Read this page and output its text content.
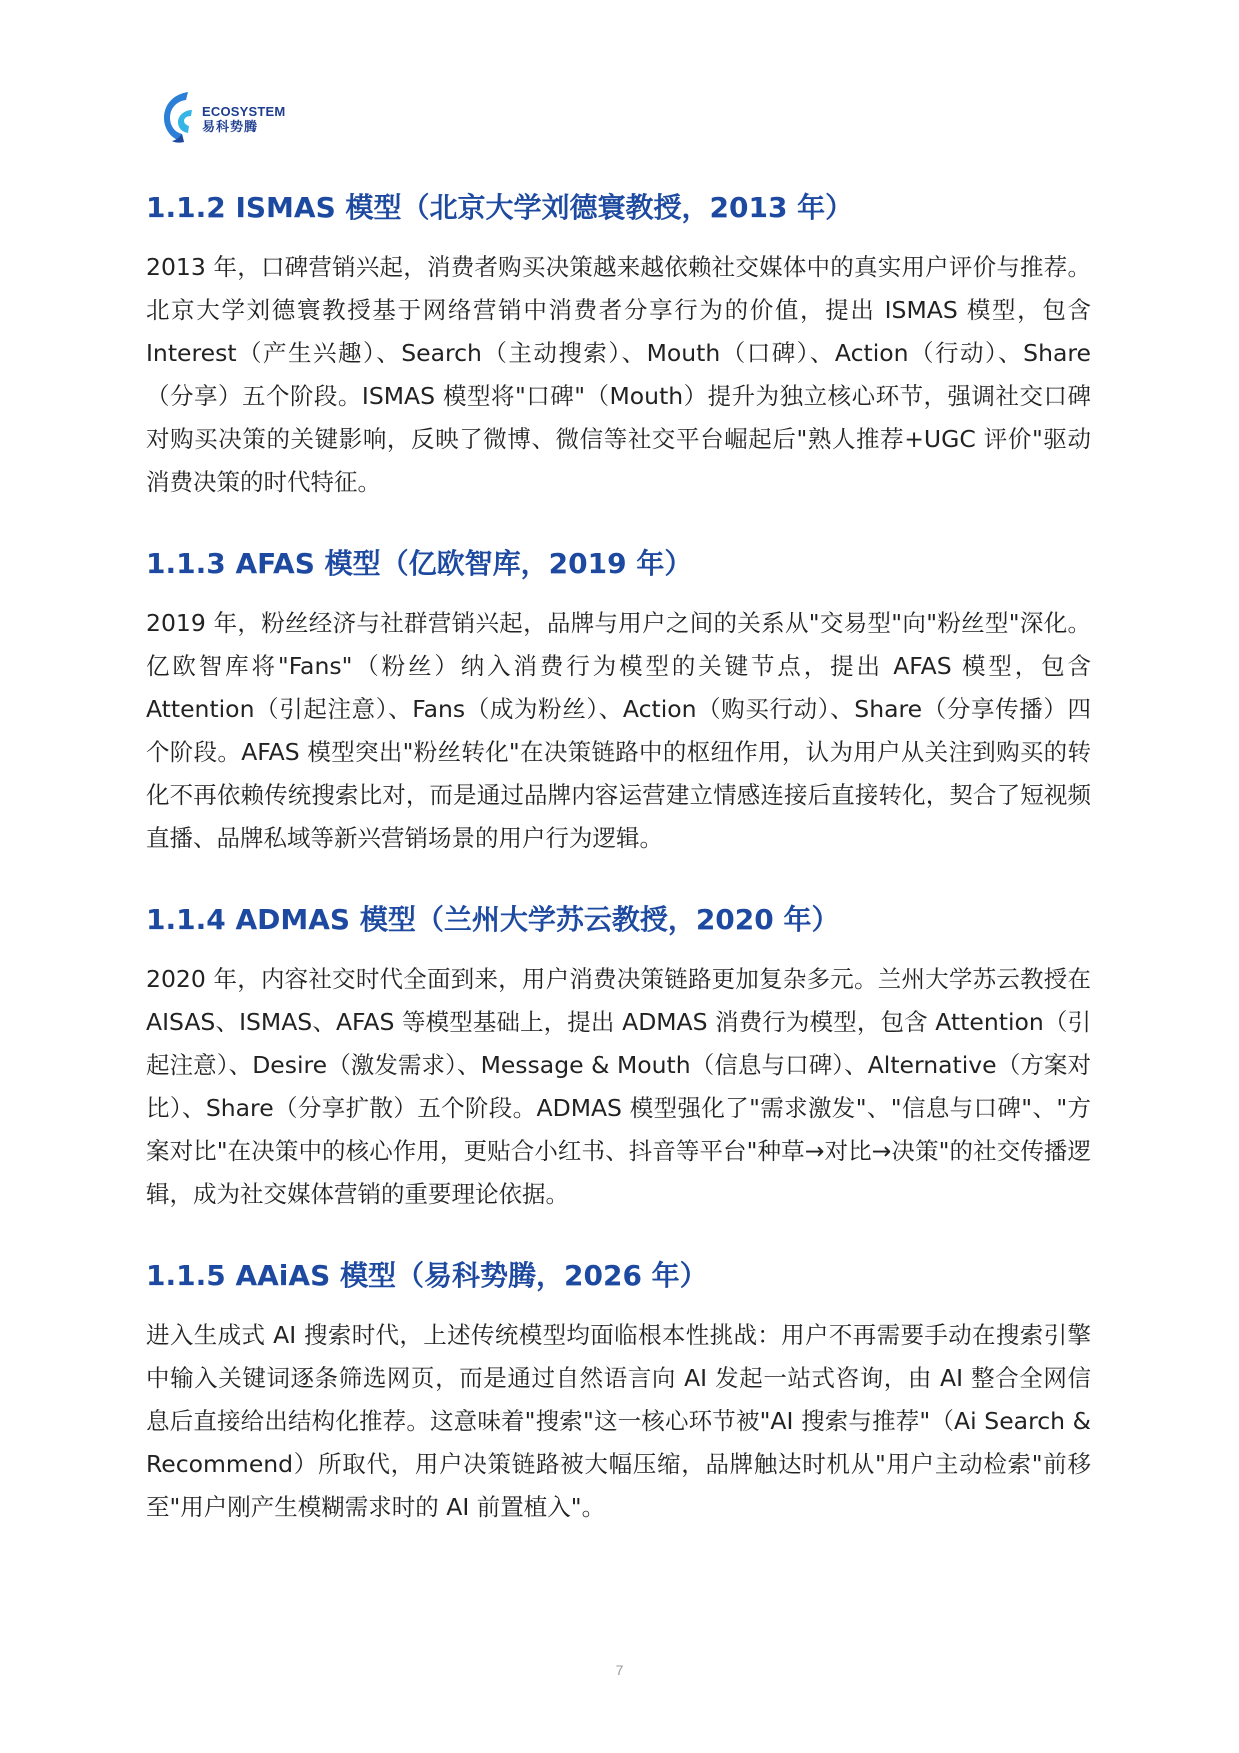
ECOSYSTEM
易科势腾
1.1.2 ISMAS 模型（北京大学刘德寰教授，2013 年）

2013 年，口碑营销兴起，消费者购买决策越来越依赖社交媒体中的真实用户评价与推荐。北京大学刘德寰教授基于网络营销中消费者分享行为的价值，提出 ISMAS 模型，包含 Interest（产生兴趣）、Search（主动搜索）、Mouth（口碑）、Action（行动）、Share（分享）五个阶段。ISMAS 模型将"口碑"（Mouth）提升为独立核心环节，强调社交口碑对购买决策的关键影响，反映了微博、微信等社交平台崛起后"熟人推荐+UGC 评价"驱动消费决策的时代特征。

1.1.3 AFAS 模型（亿欧智库，2019 年）

2019 年，粉丝经济与社群营销兴起，品牌与用户之间的关系从"交易型"向"粉丝型"深化。亿欧智库将"Fans"（粉丝）纳入消费行为模型的关键节点，提出 AFAS 模型，包含 Attention（引起注意）、Fans（成为粉丝）、Action（购买行动）、Share（分享传播）四个阶段。AFAS 模型突出"粉丝转化"在决策链路中的枢纽作用，认为用户从关注到购买的转化不再依赖传统搜索比对，而是通过品牌内容运营建立情感连接后直接转化，契合了短视频直播、品牌私域等新兴营销场景的用户行为逻辑。

1.1.4 ADMAS 模型（兰州大学苏云教授，2020 年）

2020 年，内容社交时代全面到来，用户消费决策链路更加复杂多元。兰州大学苏云教授在 AISAS、ISMAS、AFAS 等模型基础上，提出 ADMAS 消费行为模型，包含 Attention（引起注意）、Desire（激发需求）、Message & Mouth（信息与口碑）、Alternative（方案对比）、Share（分享扩散）五个阶段。ADMAS 模型强化了"需求激发"、"信息与口碑"、"方案对比"在决策中的核心作用，更贴合小红书、抖音等平台"种草→对比→决策"的社交传播逻辑，成为社交媒体营销的重要理论依据。

1.1.5 AAiAS 模型（易科势腾，2026 年）

进入生成式 AI 搜索时代，上述传统模型均面临根本性挑战：用户不再需要手动在搜索引擎中输入关键词逐条筛选网页，而是通过自然语言向 AI 发起一站式咨询，由 AI 整合全网信息后直接给出结构化推荐。这意味着"搜索"这一核心环节被"AI 搜索与推荐"（Ai Search & Recommend）所取代，用户决策链路被大幅压缩，品牌触达时机从"用户主动检索"前移至"用户刚产生模糊需求时的 AI 前置植入"。

7
